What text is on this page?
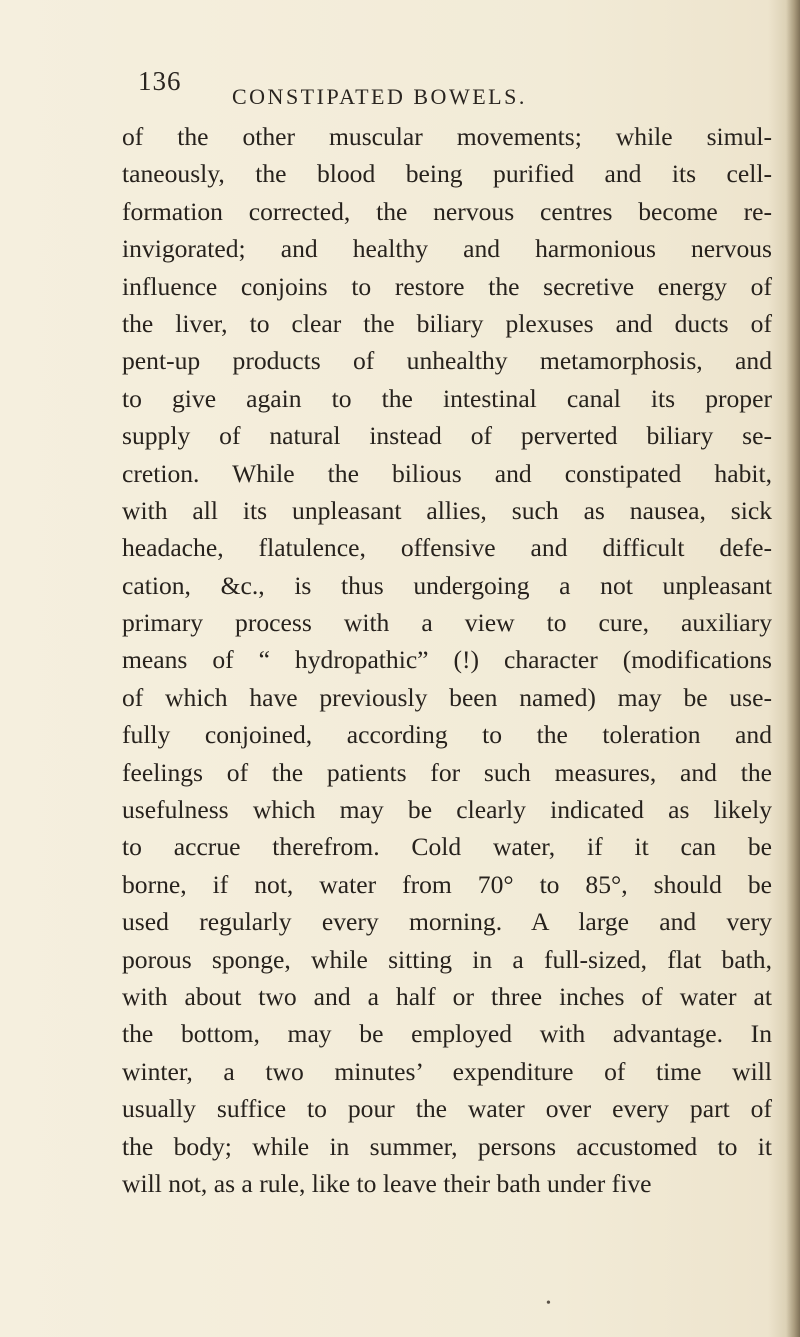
136
CONSTIPATED BOWELS.
of the other muscular movements; while simul-
taneously, the blood being purified and its cell-
formation corrected, the nervous centres become re-
invigorated; and healthy and harmonious nervous
influence conjoins to restore the secretive energy of
the liver, to clear the biliary plexuses and ducts of
pent-up products of unhealthy metamorphosis, and
to give again to the intestinal canal its proper
supply of natural instead of perverted biliary se-
cretion. While the bilious and constipated habit,
with all its unpleasant allies, such as nausea, sick
headache, flatulence, offensive and difficult defe-
cation, &c., is thus undergoing a not unpleasant
primary process with a view to cure, auxiliary
means of “ hydropathic” (!) character (modifications
of which have previously been named) may be use-
fully conjoined, according to the toleration and
feelings of the patients for such measures, and the
usefulness which may be clearly indicated as likely
to accrue therefrom. Cold water, if it can be
borne, if not, water from 70° to 85°, should be
used regularly every morning. A large and very
porous sponge, while sitting in a full-sized, flat bath,
with about two and a half or three inches of water at
the bottom, may be employed with advantage. In
winter, a two minutes’ expenditure of time will
usually suffice to pour the water over every part of
the body; while in summer, persons accustomed to it
will not, as a rule, like to leave their bath under five
•
